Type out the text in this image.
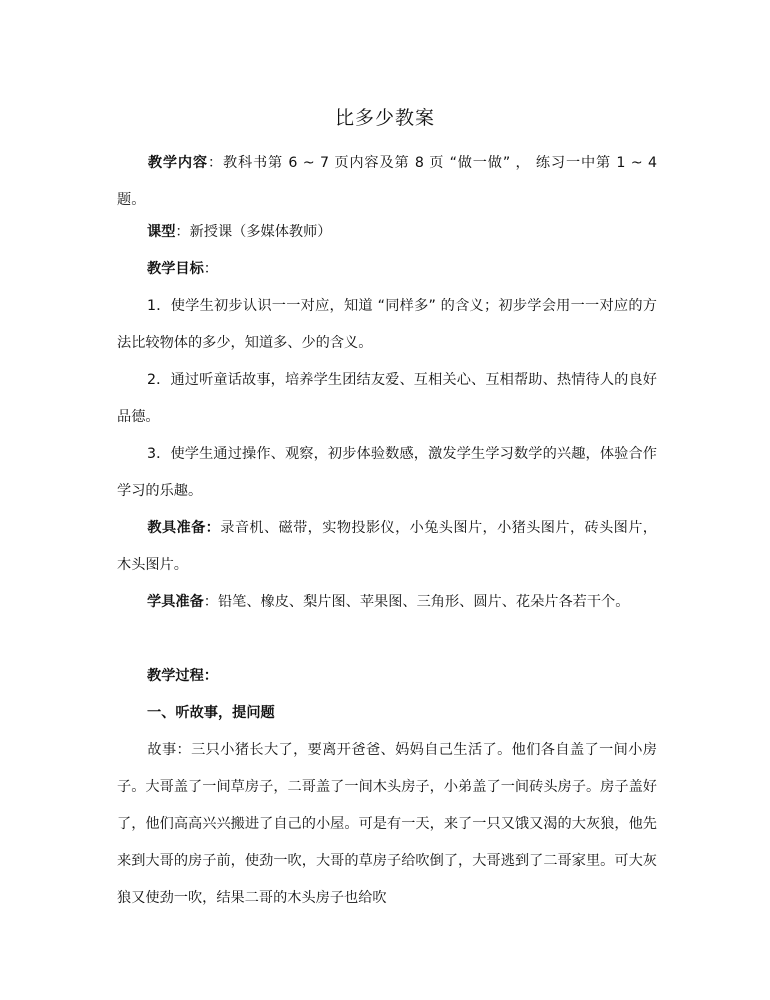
比多少教案
教学内容：教科书第 6 ~ 7 页内容及第 8 页 “做一做” ， 练习一中第 1 ~ 4 题。
课型：新授课（多媒体教师）
教学目标：
1．使学生初步认识一一对应，知道 “同样多” 的含义；初步学会用一一对应的方法比较物体的多少，知道多、少的含义。
2．通过听童话故事，培养学生团结友爱、互相关心、互相帮助、热情待人的良好品德。
3．使学生通过操作、观察，初步体验数感，激发学生学习数学的兴趣，体验合作学习的乐趣。
教具准备：录音机、磁带，实物投影仪，小兔头图片，小猪头图片，砖头图片，木头图片。
学具准备：铅笔、橡皮、梨片图、苹果图、三角形、圆片、花朵片各若干个。
教学过程：
一、听故事，提问题
故事：三只小猪长大了，要离开爸爸、妈妈自己生活了。他们各自盖了一间小房子。大哥盖了一间草房子，二哥盖了一间木头房子，小弟盖了一间砖头房子。房子盖好了，他们高高兴兴搬进了自己的小屋。可是有一天，来了一只又饿又渴的大灰狼，他先来到大哥的房子前，使劲一吹，大哥的草房子给吹倒了，大哥逃到了二哥家里。可大灰狼又使劲一吹，结果二哥的木头房子也给吹
